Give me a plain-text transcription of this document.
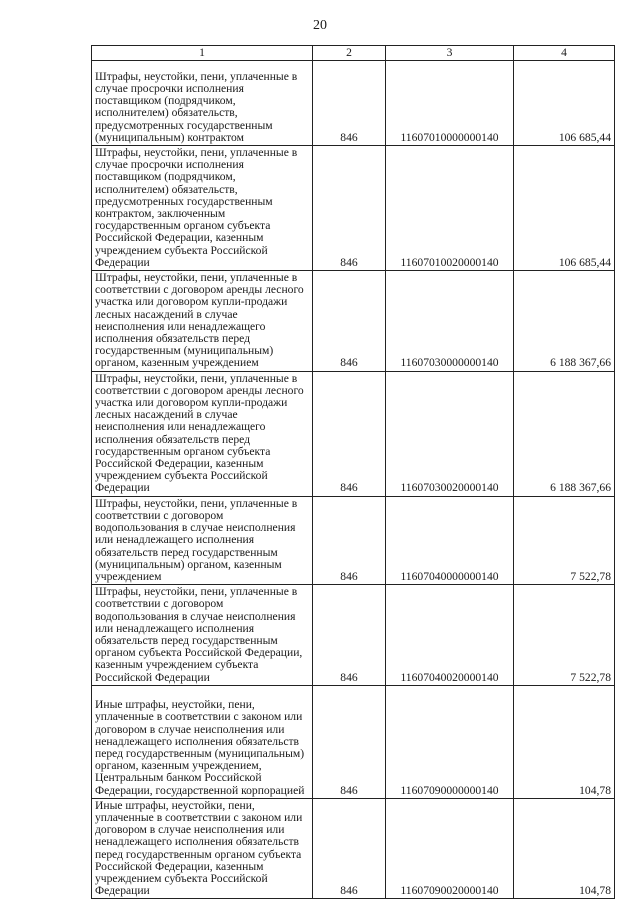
20
1	2	3	4
Штрафы, неустойки, пени, уплаченные в случае просрочки исполнения поставщиком (подрядчиком, исполнителем) обязательств, предусмотренных государственным (муниципальным) контрактом	846	11607010000000140	106 685,44
Штрафы, неустойки, пени, уплаченные в случае просрочки исполнения поставщиком (подрядчиком, исполнителем) обязательств, предусмотренных государственным контрактом, заключенным государственным органом субъекта Российской Федерации, казенным учреждением субъекта Российской Федерации	846	11607010020000140	106 685,44
Штрафы, неустойки, пени, уплаченные в соответствии с договором аренды лесного участка или договором купли-продажи лесных насаждений в случае неисполнения или ненадлежащего исполнения обязательств перед государственным (муниципальным) органом, казенным учреждением	846	11607030000000140	6 188 367,66
Штрафы, неустойки, пени, уплаченные в соответствии с договором аренды лесного участка или договором купли-продажи лесных насаждений в случае неисполнения или ненадлежащего исполнения обязательств перед государственным органом субъекта Российской Федерации, казенным учреждением субъекта Российской Федерации	846	11607030020000140	6 188 367,66
Штрафы, неустойки, пени, уплаченные в соответствии с договором водопользования в случае неисполнения или ненадлежащего исполнения обязательств перед государственным (муниципальным) органом, казенным учреждением	846	11607040000000140	7 522,78
Штрафы, неустойки, пени, уплаченные в соответствии с договором водопользования в случае неисполнения или ненадлежащего исполнения обязательств перед государственным органом субъекта Российской Федерации, казенным учреждением субъекта Российской Федерации	846	11607040020000140	7 522,78
Иные штрафы, неустойки, пени, уплаченные в соответствии с законом или договором в случае неисполнения или ненадлежащего исполнения обязательств перед государственным (муниципальным) органом, казенным учреждением, Центральным банком Российской Федерации, государственной корпорацией	846	11607090000000140	104,78
Иные штрафы, неустойки, пени, уплаченные в соответствии с законом или договором в случае неисполнения или ненадлежащего исполнения обязательств перед государственным органом субъекта Российской Федерации, казенным учреждением субъекта Российской Федерации	846	11607090020000140	104,78
